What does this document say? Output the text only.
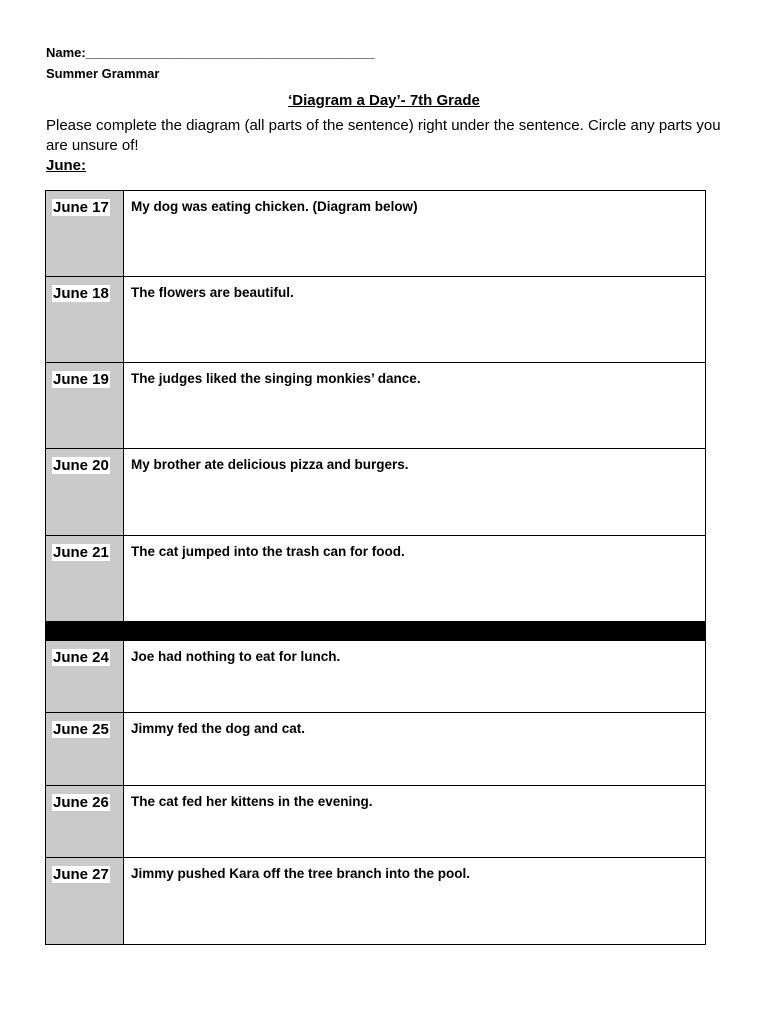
Name:________________________________________
Summer Grammar
‘Diagram a Day’- 7th Grade
Please complete the diagram (all parts of the sentence) right under the sentence. Circle any parts you are unsure of!
June:
June 17	My dog was eating chicken. (Diagram below)
June 18	The flowers are beautiful.
June 19	The judges liked the singing monkies’ dance.
June 20	My brother ate delicious pizza and burgers.
June 21	The cat jumped into the trash can for food.
June 24	Joe had nothing to eat for lunch.
June 25	Jimmy fed the dog and cat.
June 26	The cat fed her kittens in the evening.
June 27	Jimmy pushed Kara off the tree branch into the pool.
